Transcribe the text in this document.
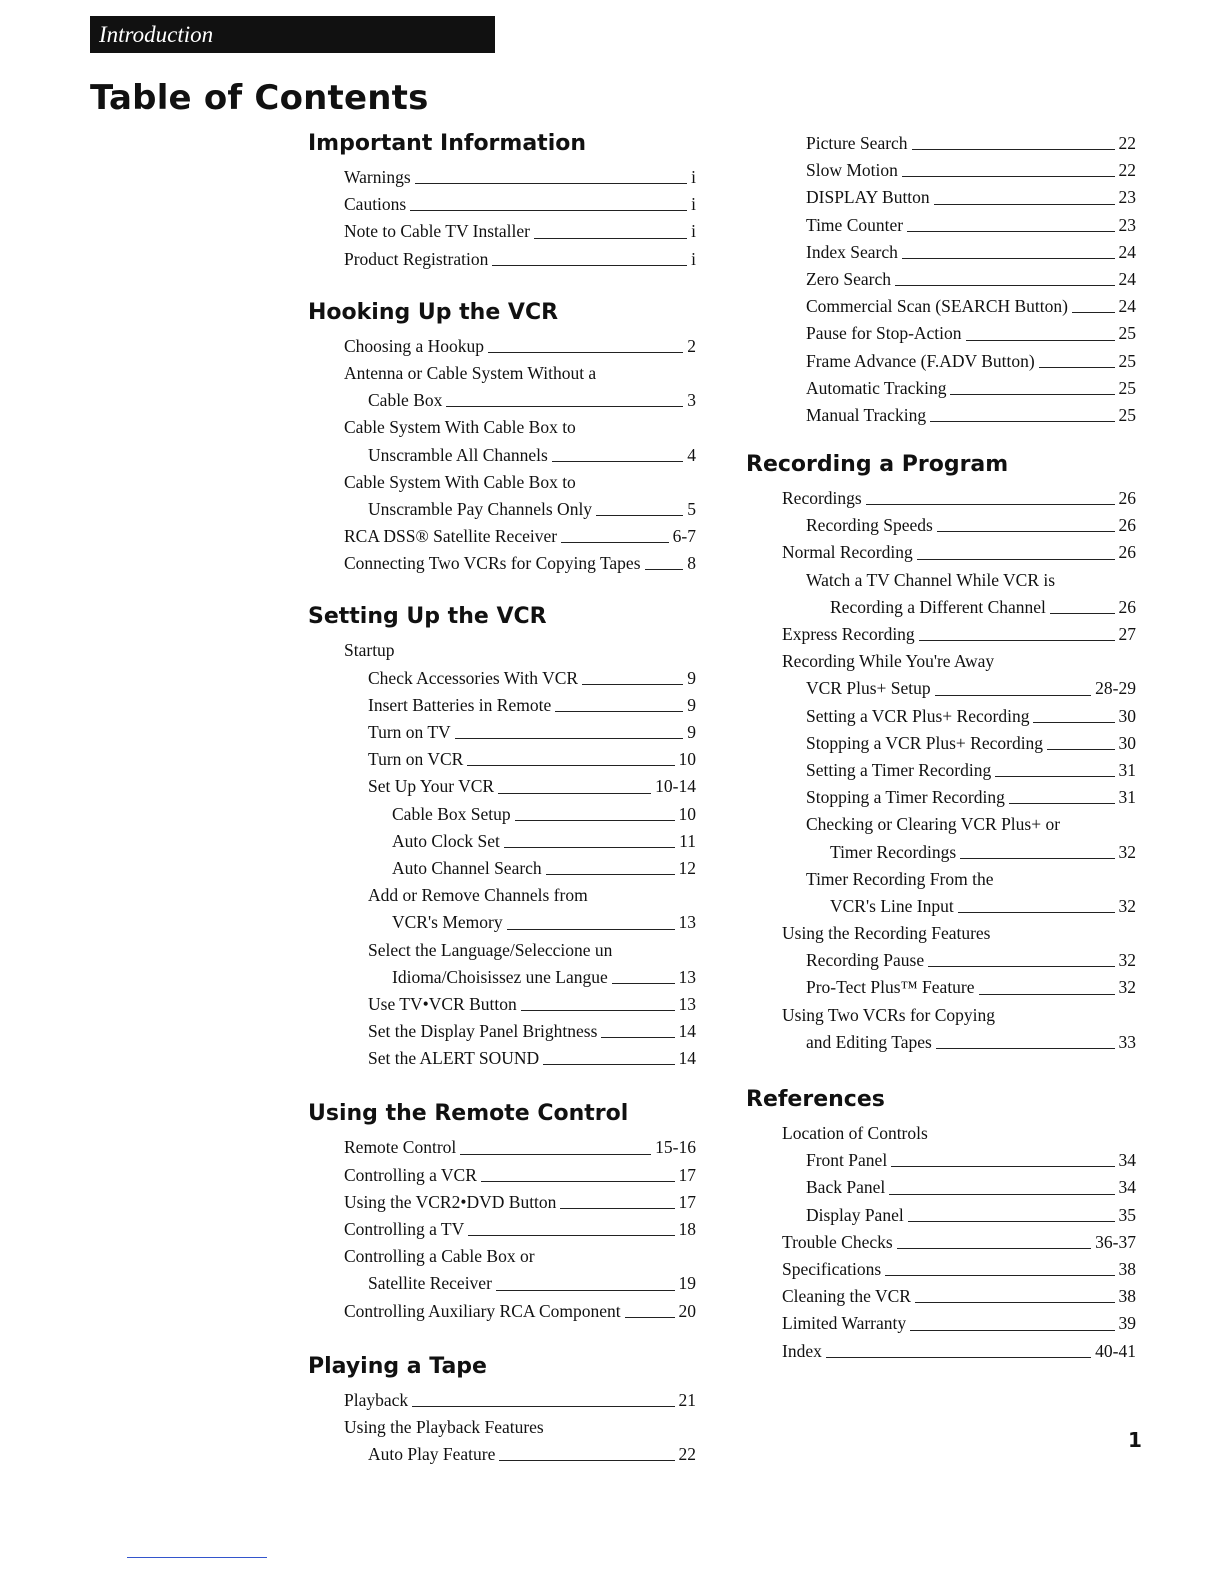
Introduction
Table of Contents
Important Information
Warnings	i
Cautions	i
Note to Cable TV Installer	i
Product Registration	i
Hooking Up the VCR
Choosing a Hookup	2
Antenna or Cable System Without a
Cable Box	3
Cable System With Cable Box to
Unscramble All Channels	4
Cable System With Cable Box to
Unscramble Pay Channels Only	5
RCA DSS® Satellite Receiver	6-7
Connecting Two VCRs for Copying Tapes	8
Setting Up the VCR
Startup
Check Accessories With VCR	9
Insert Batteries in Remote	9
Turn on TV	9
Turn on VCR	10
Set Up Your VCR	10-14
Cable Box Setup	10
Auto Clock Set	11
Auto Channel Search	12
Add or Remove Channels from
VCR's Memory	13
Select the Language/Seleccione un
Idioma/Choisissez une Langue	13
Use TV•VCR Button	13
Set the Display Panel Brightness	14
Set the ALERT SOUND	14
Using the Remote Control
Remote Control	15-16
Controlling a VCR	17
Using the VCR2•DVD Button	17
Controlling a TV	18
Controlling a Cable Box or
Satellite Receiver	19
Controlling Auxiliary RCA Component	20
Playing a Tape
Playback	21
Using the Playback Features
Auto Play Feature	22
Picture Search	22
Slow Motion	22
DISPLAY Button	23
Time Counter	23
Index Search	24
Zero Search	24
Commercial Scan (SEARCH Button)	24
Pause for Stop-Action	25
Frame Advance (F.ADV Button)	25
Automatic Tracking	25
Manual Tracking	25
Recording a Program
Recordings	26
Recording Speeds	26
Normal Recording	26
Watch a TV Channel While VCR is
Recording a Different Channel	26
Express Recording	27
Recording While You're Away
VCR Plus+ Setup	28-29
Setting a VCR Plus+ Recording	30
Stopping a VCR Plus+ Recording	30
Setting a Timer Recording	31
Stopping a Timer Recording	31
Checking or Clearing VCR Plus+ or
Timer Recordings	32
Timer Recording From the
VCR's Line Input	32
Using the Recording Features
Recording Pause	32
Pro-Tect Plus™ Feature	32
Using Two VCRs for Copying
and Editing Tapes	33
References
Location of Controls
Front Panel	34
Back Panel	34
Display Panel	35
Trouble Checks	36-37
Specifications	38
Cleaning the VCR	38
Limited Warranty	39
Index	40-41
1
